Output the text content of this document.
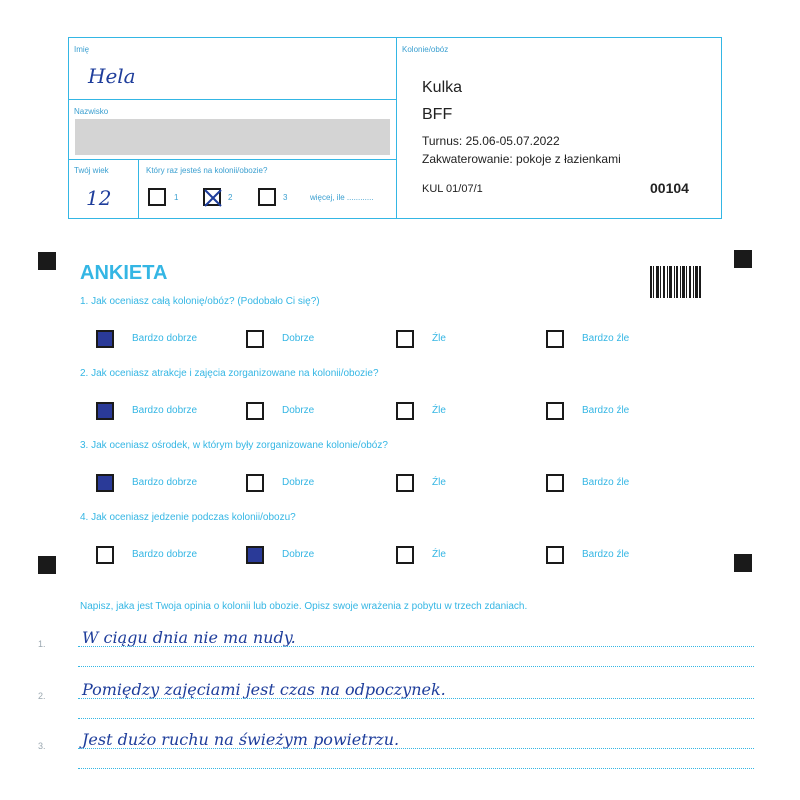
Imię
Hela
Nazwisko
Twój wiek
12
Który raz jesteś na kolonii/obozie?
1	2	3	więcej, ile ............
Kolonie/obóz
Kulka
BFF
Turnus: 25.06-05.07.2022
Zakwaterowanie: pokoje z łazienkami
KUL 01/07/1	00104
ANKIETA
1. Jak oceniasz całą kolonię/obóz? (Podobało Ci się?)
Bardzo dobrze	Dobrze	Źle	Bardzo źle
2. Jak oceniasz atrakcje i zajęcia zorganizowane na kolonii/obozie?
Bardzo dobrze	Dobrze	Źle	Bardzo źle
3. Jak oceniasz ośrodek, w którym były zorganizowane kolonie/obóz?
Bardzo dobrze	Dobrze	Źle	Bardzo źle
4. Jak oceniasz jedzenie podczas kolonii/obozu?
Bardzo dobrze	Dobrze	Źle	Bardzo źle
Napisz, jaka jest Twoja opinia o kolonii lub obozie. Opisz swoje wrażenia z pobytu w trzech zdaniach.
1. W ciągu dnia nie ma nudy.
2. Pomiędzy zajęciami jest czas na odpoczynek.
3. Jest dużo ruchu na świeżym powietrzu.
